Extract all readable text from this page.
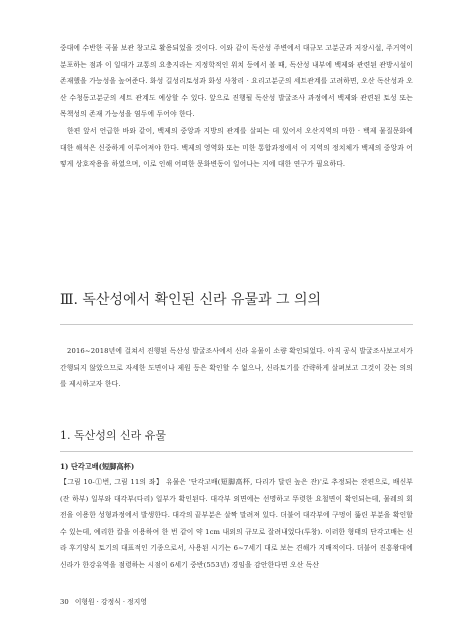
중대에 수반한 곡물 보관 창고로 활용되었을 것이다. 이와 같이 독산성 주변에서 대규모 고분군과 저장시설, 주거역이 분포하는 점과 이 일대가 교통의 요충지라는 지정학적인 위치 등에서 볼 때, 독산성 내부에 백제와 관련된 관방시설이 존재했을 가능성을 높여준다. 화성 길성리토성과 화성 사창리 · 요리고분군의 세트관계를 고려하면, 오산 독산성과 오산 수청동고분군의 세트 관계도 예상할 수 있다. 앞으로 진행될 독산성 발굴조사 과정에서 백제와 관련된 토성 또는 목책성의 존재 가능성을 염두에 두어야 한다.

한편 앞서 언급한 바와 같이, 백제의 중앙과 지방의 관계를 살피는 데 있어서 오산지역의 마한 · 백제 물질문화에 대한 해석은 신중하게 이루어져야 한다. 백제의 영역화 또는 미한 통합과정에서 이 지역의 정치체가 백제의 중앙과 어떻게 상호작용을 하였으며, 이로 인해 어떠한 문화변동이 일어나는 지에 대한 연구가 필요하다.

Ⅲ. 독산성에서 확인된 신라 유물과 그 의의

2016~2018년에 걸쳐서 진행된 독산성 발굴조사에서 신라 유물이 소량 확인되었다. 아직 공식 발굴조사보고서가 간행되지 않았으므로 자세한 도면이나 제원 등은 확인할 수 없으나, 신라토기를 간략하게 살펴보고 그것이 갖는 의의를 제시하고자 한다.

1. 독산성의 신라 유물
1) 단각고배(短脚高杯)

【그림 10-①번, 그림 11의 좌】 유물은 '단각고배(短脚高杯, 다리가 달린 높은 잔)'로 추정되는 잔편으로, 배신부(잔 하부) 일부와 대각부(다리) 일부가 확인된다. 대각부 외면에는 선명하고 뚜렷한 요철면이 확인되는데, 물레의 회전을 이용한 성형과정에서 발생한다. 대각의 끝부분은 살짝 말려져 있다. 더불어 대각부에 구멍이 뚫린 부분을 확인할 수 있는데, 예리한 칼을 이용하여 한 번 같이 약 1cm 내외의 규모로 잘려내었다(투창). 이러한 형태의 단각고배는 신라 후기양식 토기의 대표적인 기종으로서, 사용된 시기는 6~7세기 대로 보는 견해가 지배적이다. 더불어 진흥왕대에 신라가 한강유역을 점령하는 시점이 6세기 중반(553년) 경임을 감안한다면 오산 독산

30 이형원 · 강정식 · 정지영
